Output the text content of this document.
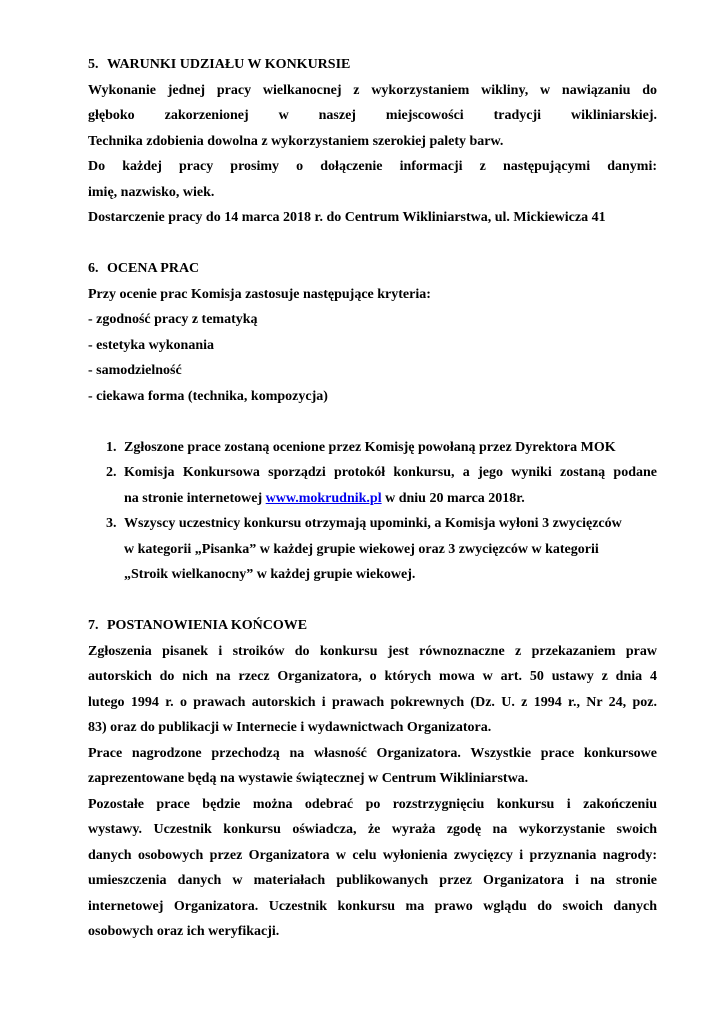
5. WARUNKI UDZIAŁU W KONKURSIE
Wykonanie jednej pracy wielkanocnej z wykorzystaniem wikliny, w nawiązaniu do
głęboko zakorzenionej w naszej miejscowości tradycji wikliniarskiej.
Technika zdobienia dowolna z wykorzystaniem szerokiej palety barw.
Do każdej pracy prosimy o dołączenie informacji z następującymi danymi:
imię, nazwisko, wiek.
Dostarczenie pracy do 14 marca 2018 r. do Centrum Wikliniarstwa, ul. Mickiewicza 41
6. OCENA PRAC
Przy ocenie prac Komisja zastosuje następujące kryteria:
- zgodność pracy z tematyką
- estetyka wykonania
- samodzielność
- ciekawa forma (technika, kompozycja)
1. Zgłoszone prace zostaną ocenione przez Komisję powołaną przez Dyrektora MOK
2. Komisja Konkursowa sporządzi protokół konkursu, a jego wyniki zostaną podane
na stronie internetowej www.mokrudnik.pl w dniu 20 marca 2018r.
3. Wszyscy uczestnicy konkursu otrzymają upominki, a Komisja wyłoni 3 zwycięzców
w kategorii „Pisanka” w każdej grupie wiekowej oraz 3 zwycięzców w kategorii
„Stroik wielkanocny” w każdej grupie wiekowej.
7. POSTANOWIENIA KOŃCOWE
Zgłoszenia pisanek i stroików do konkursu jest równoznaczne z przekazaniem praw
autorskich do nich na rzecz Organizatora, o których mowa w art. 50 ustawy z dnia 4
lutego 1994 r. o prawach autorskich i prawach pokrewnych (Dz. U. z 1994 r., Nr 24, poz.
83) oraz do publikacji w Internecie i wydawnictwach Organizatora.
Prace nagrodzone przechodzą na własność Organizatora. Wszystkie prace konkursowe
zaprezentowane będą na wystawie świątecznej w Centrum Wikliniarstwa.
Pozostałe prace będzie można odebrać po rozstrzygnięciu konkursu i zakończeniu
wystawy. Uczestnik konkursu oświadcza, że wyraża zgodę na wykorzystanie swoich
danych osobowych przez Organizatora w celu wyłonienia zwycięzcy i przyznania nagrody:
umieszczenia danych w materiałach publikowanych przez Organizatora i na stronie
internetowej Organizatora. Uczestnik konkursu ma prawo wglądu do swoich danych
osobowych oraz ich weryfikacji.
